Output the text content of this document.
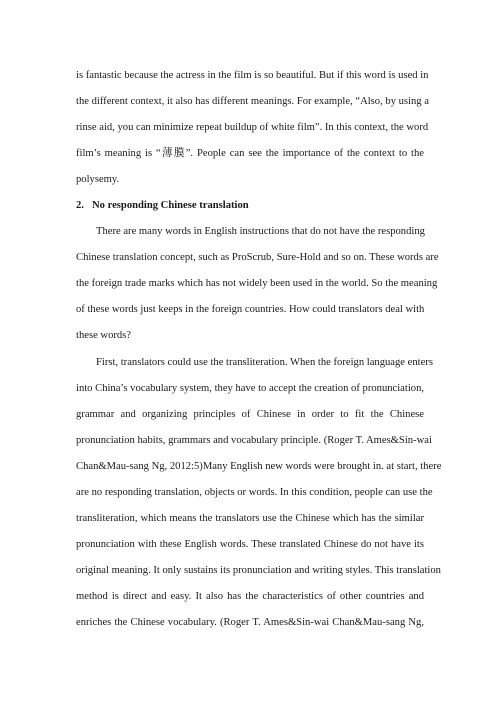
is fantastic because the actress in the film is so beautiful. But if this word is used in
the different context, it also has different meanings. For example, “Also, by using a
rinse aid, you can minimize repeat buildup of white film”. In this context, the word
film’s meaning is “薄膜”. People can see the importance of the context to the
polysemy.
2. No responding Chinese translation
There are many words in English instructions that do not have the responding
Chinese translation concept, such as ProScrub, Sure-Hold and so on. These words are
the foreign trade marks which has not widely been used in the world. So the meaning
of these words just keeps in the foreign countries. How could translators deal with
these words?
First, translators could use the transliteration. When the foreign language enters
into China’s vocabulary system, they have to accept the creation of pronunciation,
grammar and organizing principles of Chinese in order to fit the Chinese
pronunciation habits, grammars and vocabulary principle. (Roger T. Ames&Sin-wai
Chan&Mau-sang Ng, 2012:5)Many English new words were brought in. at start, there
are no responding translation, objects or words. In this condition, people can use the
transliteration, which means the translators use the Chinese which has the similar
pronunciation with these English words. These translated Chinese do not have its
original meaning. It only sustains its pronunciation and writing styles. This translation
method is direct and easy. It also has the characteristics of other countries and
enriches the Chinese vocabulary. (Roger T. Ames&Sin-wai Chan&Mau-sang Ng,
